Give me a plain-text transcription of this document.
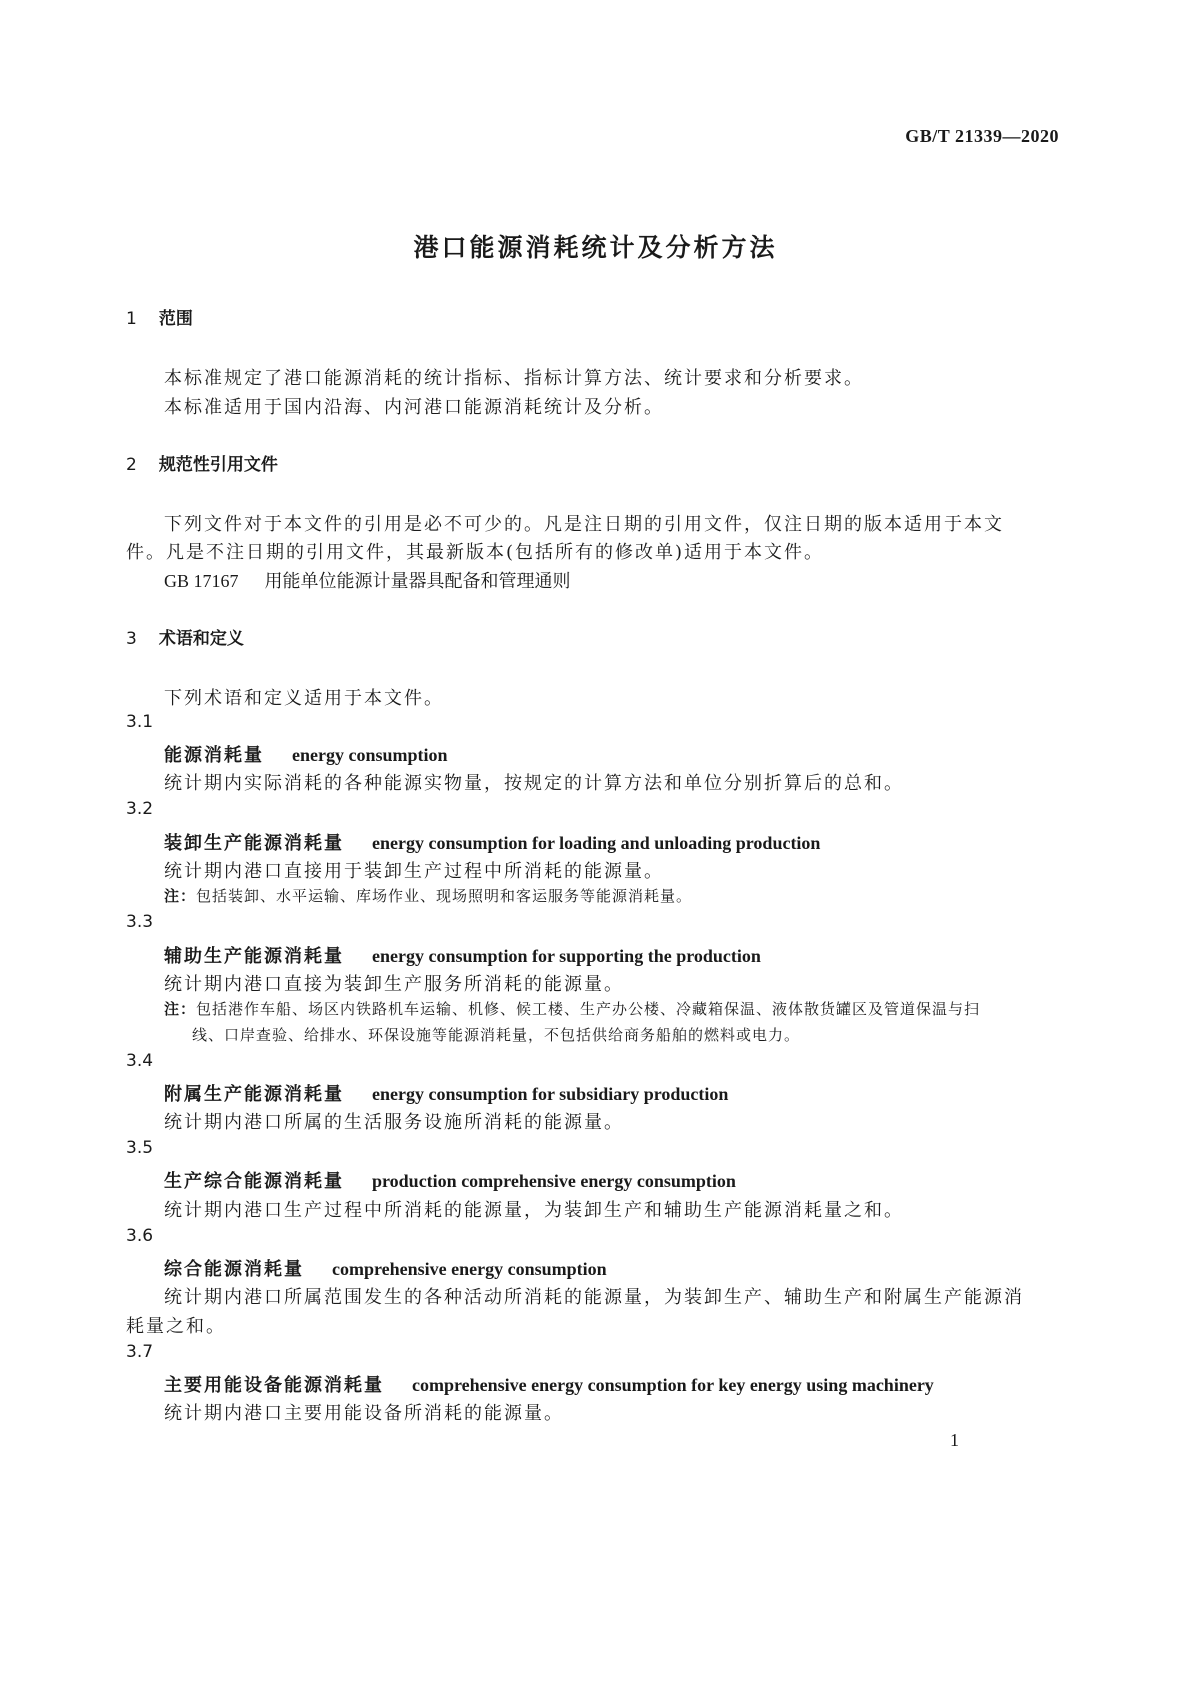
GB/T 21339—2020
港口能源消耗统计及分析方法
1 范围
本标准规定了港口能源消耗的统计指标、指标计算方法、统计要求和分析要求。
本标准适用于国内沿海、内河港口能源消耗统计及分析。
2 规范性引用文件
下列文件对于本文件的引用是必不可少的。凡是注日期的引用文件，仅注日期的版本适用于本文
件。凡是不注日期的引用文件，其最新版本(包括所有的修改单)适用于本文件。
GB 17167 用能单位能源计量器具配备和管理通则
3 术语和定义
下列术语和定义适用于本文件。
3.1
能源消耗量 energy consumption
统计期内实际消耗的各种能源实物量，按规定的计算方法和单位分别折算后的总和。
3.2
装卸生产能源消耗量 energy consumption for loading and unloading production
统计期内港口直接用于装卸生产过程中所消耗的能源量。
注：包括装卸、水平运输、库场作业、现场照明和客运服务等能源消耗量。
3.3
辅助生产能源消耗量 energy consumption for supporting the production
统计期内港口直接为装卸生产服务所消耗的能源量。
注：包括港作车船、场区内铁路机车运输、机修、候工楼、生产办公楼、冷藏箱保温、液体散货罐区及管道保温与扫
线、口岸查验、给排水、环保设施等能源消耗量，不包括供给商务船舶的燃料或电力。
3.4
附属生产能源消耗量 energy consumption for subsidiary production
统计期内港口所属的生活服务设施所消耗的能源量。
3.5
生产综合能源消耗量 production comprehensive energy consumption
统计期内港口生产过程中所消耗的能源量，为装卸生产和辅助生产能源消耗量之和。
3.6
综合能源消耗量 comprehensive energy consumption
统计期内港口所属范围发生的各种活动所消耗的能源量，为装卸生产、辅助生产和附属生产能源消
耗量之和。
3.7
主要用能设备能源消耗量 comprehensive energy consumption for key energy using machinery
统计期内港口主要用能设备所消耗的能源量。
1
